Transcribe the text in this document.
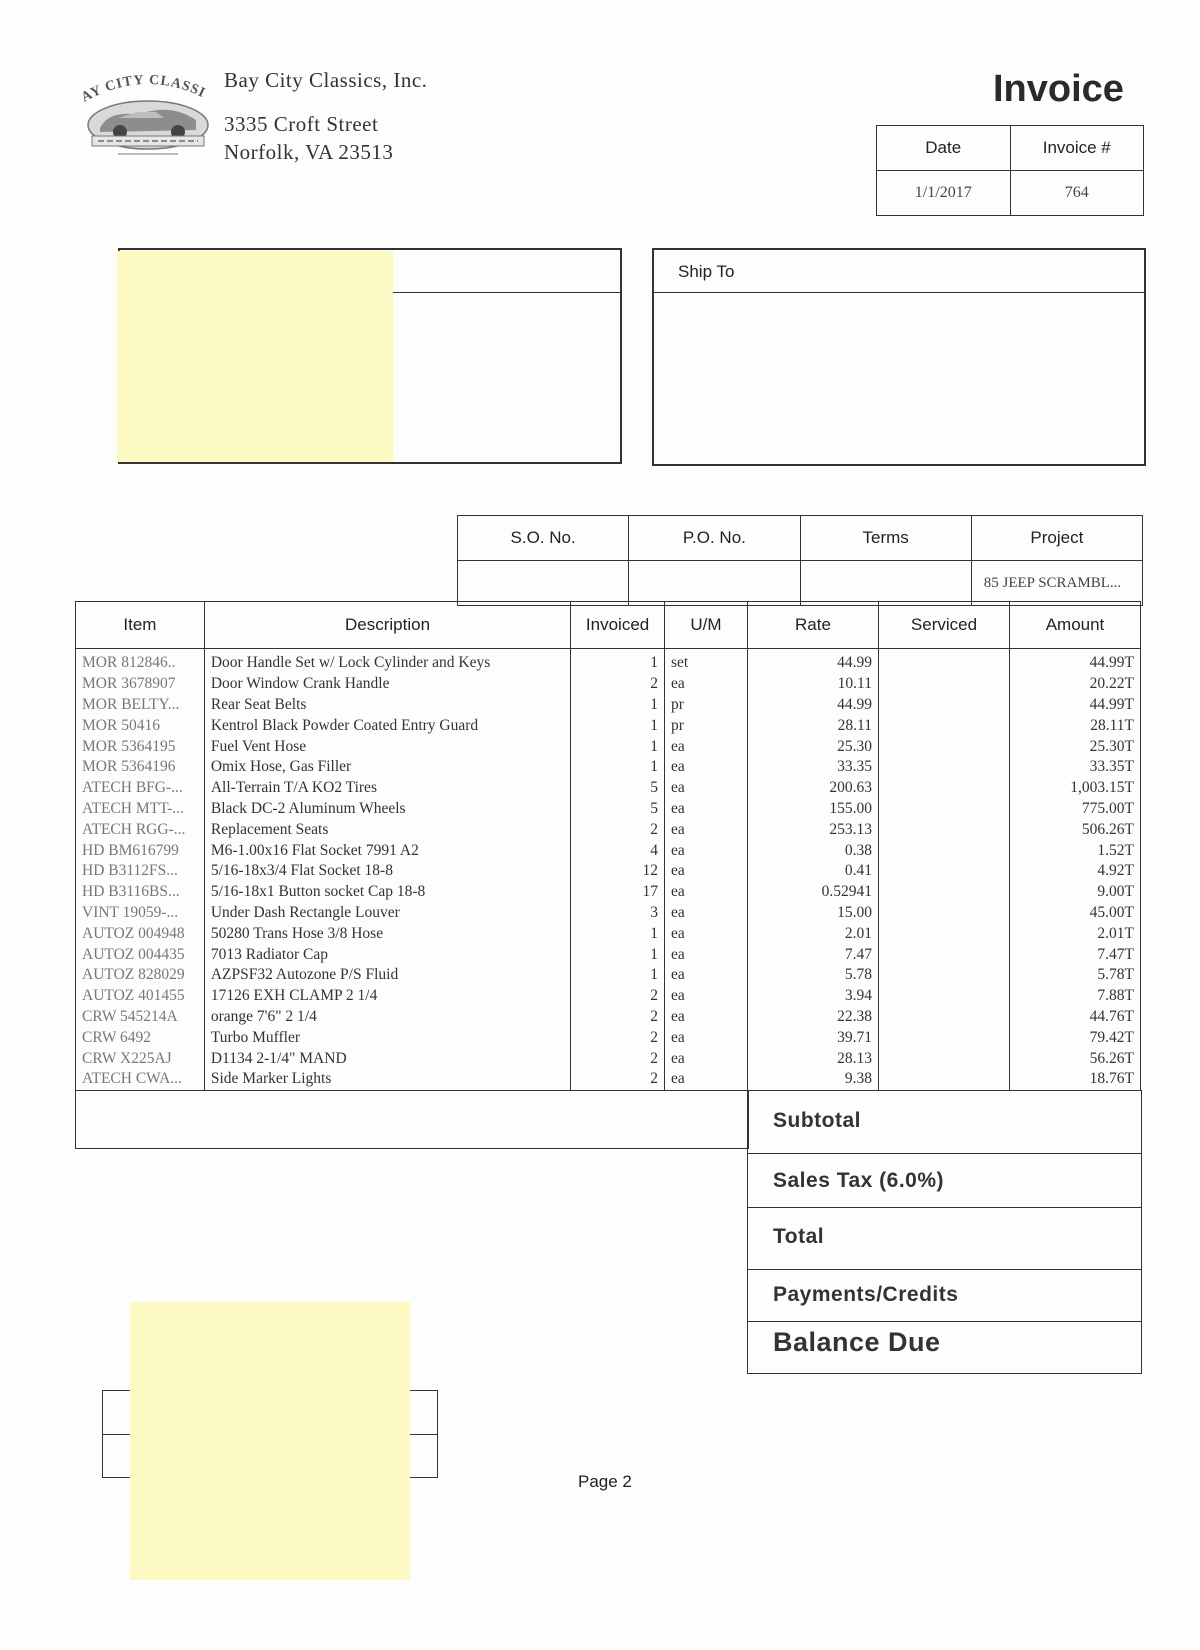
AY CITY CLASSI
Bay City Classics, Inc.
3335 Croft Street
Norfolk, VA 23513
Invoice
Date	Invoice #
1/1/2017	764
Ship To
S.O. No.	P.O. No.	Terms	Project
			85 JEEP SCRAMBL...
Item	Description	Invoiced	U/M	Rate	Serviced	Amount
MOR 812846..	Door Handle Set w/ Lock Cylinder and Keys	1	set	44.99		44.99T
MOR 3678907	Door Window Crank Handle	2	ea	10.11		20.22T
MOR BELTY...	Rear Seat Belts	1	pr	44.99		44.99T
MOR 50416	Kentrol Black Powder Coated Entry Guard	1	pr	28.11		28.11T
MOR 5364195	Fuel Vent Hose	1	ea	25.30		25.30T
MOR 5364196	Omix Hose, Gas Filler	1	ea	33.35		33.35T
ATECH BFG-...	All-Terrain T/A KO2 Tires	5	ea	200.63		1,003.15T
ATECH MTT-...	Black DC-2 Aluminum Wheels	5	ea	155.00		775.00T
ATECH RGG-...	Replacement Seats	2	ea	253.13		506.26T
HD BM616799	M6-1.00x16 Flat Socket 7991 A2	4	ea	0.38		1.52T
HD B3112FS...	5/16-18x3/4 Flat Socket 18-8	12	ea	0.41		4.92T
HD B3116BS...	5/16-18x1 Button socket Cap 18-8	17	ea	0.52941		9.00T
VINT 19059-...	Under Dash Rectangle Louver	3	ea	15.00		45.00T
AUTOZ 004948	50280 Trans Hose 3/8 Hose	1	ea	2.01		2.01T
AUTOZ 004435	7013 Radiator Cap	1	ea	7.47		7.47T
AUTOZ 828029	AZPSF32 Autozone P/S Fluid	1	ea	5.78		5.78T
AUTOZ 401455	17126 EXH CLAMP 2 1/4	2	ea	3.94		7.88T
CRW 545214A	orange 7'6" 2 1/4	2	ea	22.38		44.76T
CRW 6492	Turbo Muffler	2	ea	39.71		79.42T
CRW X225AJ	D1134 2-1/4" MAND	2	ea	28.13		56.26T
ATECH CWA...	Side Marker Lights	2	ea	9.38		18.76T
Subtotal
Sales Tax (6.0%)
Total
Payments/Credits
Balance Due
Page 2
